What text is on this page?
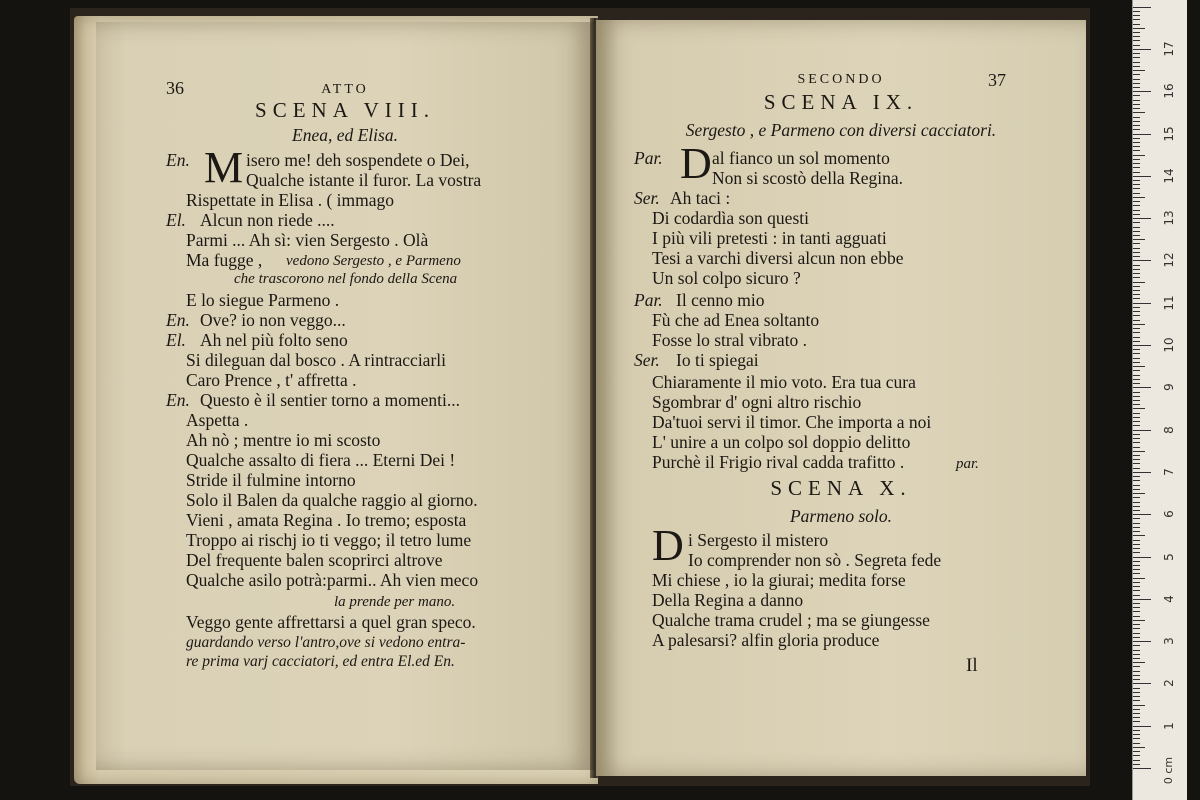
36	ATTO
SCENA VIII.
Enea, ed Elisa.
M
En.	isero me! deh sospendete o Dei,
Qualche istante il furor. La vostra
Rispettate in Elisa . ( immago
El. Alcun non riede ....
Parmi ... Ah sì: vien Sergesto . Olà
Ma fugge , vedono Sergesto , e Parmeno
che trascorono nel fondo della Scena
E lo siegue Parmeno .
En. Ove? io non veggo...
El. Ah nel più folto seno
Si dileguan dal bosco . A rintracciarli
Caro Prence , t' affretta .
En. Questo è il sentier torno a momenti...
Aspetta .
Ah nò ; mentre io mi scosto
Qualche assalto di fiera ... Eterni Dei !
Stride il fulmine intorno
Solo il Balen da qualche raggio al giorno.
Vieni , amata Regina . Io tremo; esposta
Troppo ai rischj io ti veggo; il tetro lume
Del frequente balen scoprirci altrove
Qualche asilo potrà:parmi.. Ah vien meco
la prende per mano.
Veggo gente affrettarsi a quel gran speco.
guardando verso l'antro,ove si vedono entra-
re prima varj cacciatori, ed entra El.ed En.
SECONDO	37
SCENA IX.
Sergesto , e Parmeno con diversi cacciatori.
D
Par.	al fianco un sol momento
Non si scostò della Regina.
Ser. Ah taci :
Di codardìa son questi
I più vili pretesti : in tanti agguati
Tesi a varchi diversi alcun non ebbe
Un sol colpo sicuro ?
Par. Il cenno mio
Fù che ad Enea soltanto
Fosse lo stral vibrato .
Ser. Io ti spiegai
Chiaramente il mio voto. Era tua cura
Sgombrar d' ogni altro rischio
Da'tuoi servi il timor. Che importa a noi
L' unire a un colpo sol doppio delitto
Purchè il Frigio rival cadda trafitto .	par.
SCENA X.
Parmeno solo.
D i Sergesto il mistero
Io comprender non sò . Segreta fede
Mi chiese , io la giurai; medita forse
Della Regina a danno
Qualche trama crudel ; ma se giungesse
A palesarsi? alfin gloria produce
Il
0 cm
1
2
3
4
5
6
7
8
9
10
11
12
13
14
15
16
17
